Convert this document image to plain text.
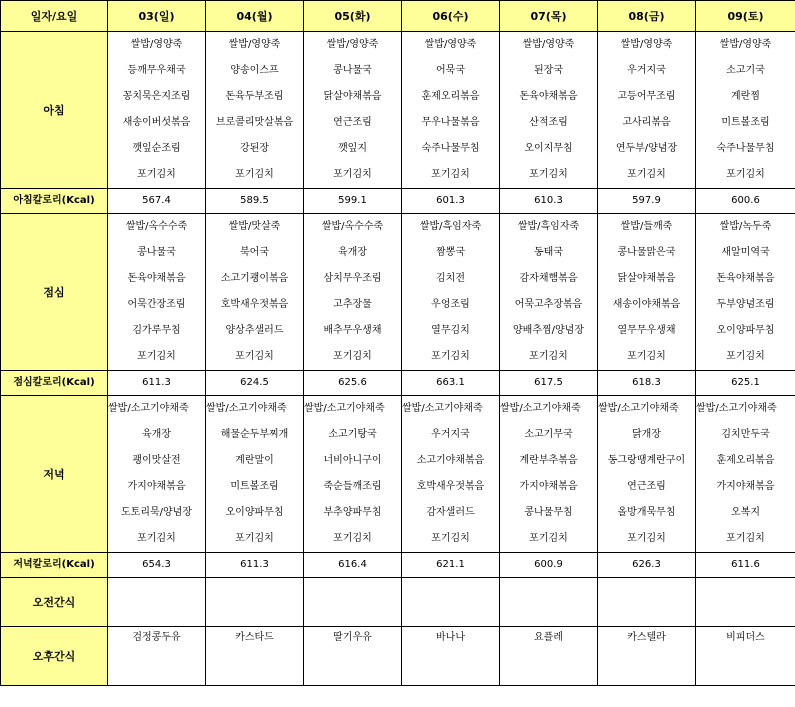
일자/요일	03(일)	04(월)	05(화)	06(수)	07(목)	08(금)	09(토)
아침	쌀밥/영양죽	쌀밥/영양죽	쌀밥/영양죽	쌀밥/영양죽	쌀밥/영양죽	쌀밥/영양죽	쌀밥/영양죽
	등깨무우채국	양송이스프	콩나물국	어묵국	된장국	우거지국	소고기국
	꽁치묵은지조림	돈육두부조림	닭살야채볶음	훈제오리볶음	돈육야채볶음	고등어무조림	계란찜
	새송이버섯볶음	브로콜리맛살볶음	연근조림	무우나물볶음	산적조림	고사리볶음	미트볼조림
	깻잎순조림	강된장	깻잎지	숙주나물무침	오이지무침	연두부/양념장	숙주나물무침
	포기김치	포기김치	포기김치	포기김치	포기김치	포기김치	포기김치
아침칼로리(Kcal)	567.4	589.5	599.1	601.3	610.3	597.9	600.6
점심	쌀밥/옥수수죽	쌀밥/맛살죽	쌀밥/옥수수죽	쌀밥/흑임자죽	쌀밥/흑임자죽	쌀밥/들깨죽	쌀밥/녹두죽
	콩나물국	북어국	육개장	짬뽕국	동태국	콩나물맑은국	새알미역국
	돈육야채볶음	소고기괭이볶음	삼치무우조림	김치전	감자채햄볶음	닭살야채볶음	돈육야채볶음
	어묵간장조림	호박새우젓볶음	고추장물	우엉조림	어묵고추장볶음	새송이야채볶음	두부양념조림
	김가루무침	양상추샐러드	배추무우생채	열무김치	양배추찜/양념장	열무무우생채	오이양파무침
	포기김치	포기김치	포기김치	포기김치	포기김치	포기김치	포기김치
점심칼로리(Kcal)	611.3	624.5	625.6	663.1	617.5	618.3	625.1
저녁	쌀밥/소고기야채죽	쌀밥/소고기야채죽	쌀밥/소고기야채죽	쌀밥/소고기야채죽	쌀밥/소고기야채죽	쌀밥/소고기야채죽	쌀밥/소고기야채죽
	육개장	해물순두부찌개	소고기탕국	우거지국	소고기무국	닭개장	김치만두국
	괭이맛살전	계란말이	너비아니구이	소고기야채볶음	계란부추볶음	동그랑땡계란구이	훈제오리볶음
	가지야채볶음	미트볼조림	죽순들깨조림	호박새우젓볶음	가지야채볶음	연근조림	가지야채볶음
	도토리묵/양념장	오이양파무침	부추양파무침	감자샐러드	콩나물무침	올방개묵무침	오복지
	포기김치	포기김치	포기김치	포기김치	포기김치	포기김치	포기김치
저녁칼로리(Kcal)	654.3	611.3	616.4	621.1	600.9	626.3	611.6
오전간식							
오후간식	검정콩두유	카스타드	딸기우유	바나나	요플레	카스텔라	비피더스
